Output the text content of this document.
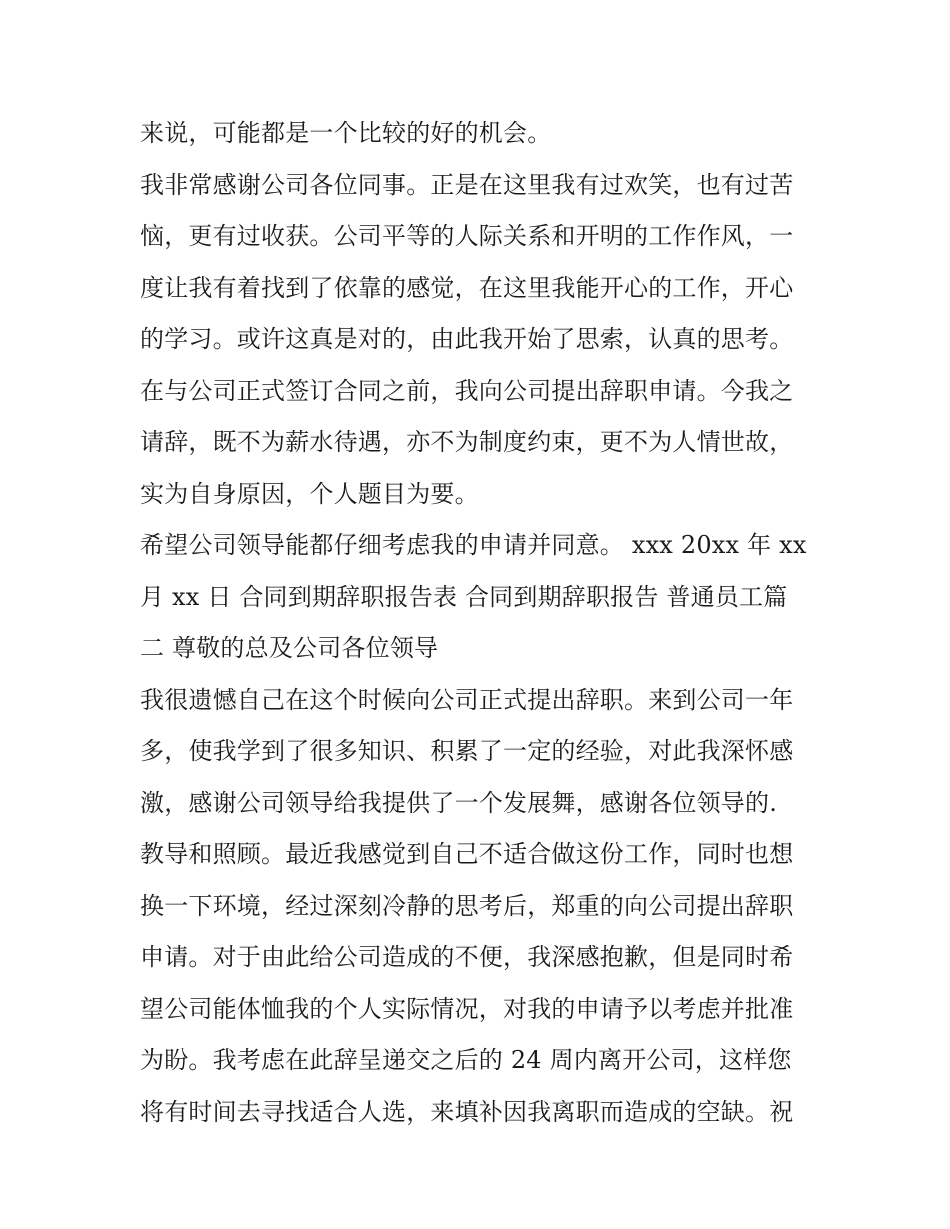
来说，可能都是一个比较的好的机会。
我非常感谢公司各位同事。正是在这里我有过欢笑，也有过苦
恼，更有过收获。公司平等的人际关系和开明的工作作风，一
度让我有着找到了依靠的感觉，在这里我能开心的工作，开心
的学习。或许这真是对的，由此我开始了思索，认真的思考。
在与公司正式签订合同之前，我向公司提出辞职申请。今我之
请辞，既不为薪水待遇，亦不为制度约束，更不为人情世故，
实为自身原因，个人题目为要。
希望公司领导能都仔细考虑我的申请并同意。 xxx 20xx 年 xx
月 xx 日 合同到期辞职报告表 合同到期辞职报告 普通员工篇
二 尊敬的总及公司各位领导
我很遗憾自己在这个时候向公司正式提出辞职。来到公司一年
多，使我学到了很多知识、积累了一定的经验，对此我深怀感
激，感谢公司领导给我提供了一个发展舞，感谢各位领导的.
教导和照顾。最近我感觉到自己不适合做这份工作，同时也想
换一下环境，经过深刻冷静的思考后，郑重的向公司提出辞职
申请。对于由此给公司造成的不便，我深感抱歉，但是同时希
望公司能体恤我的个人实际情况，对我的申请予以考虑并批准
为盼。我考虑在此辞呈递交之后的 24 周内离开公司，这样您
将有时间去寻找适合人选，来填补因我离职而造成的空缺。祝
